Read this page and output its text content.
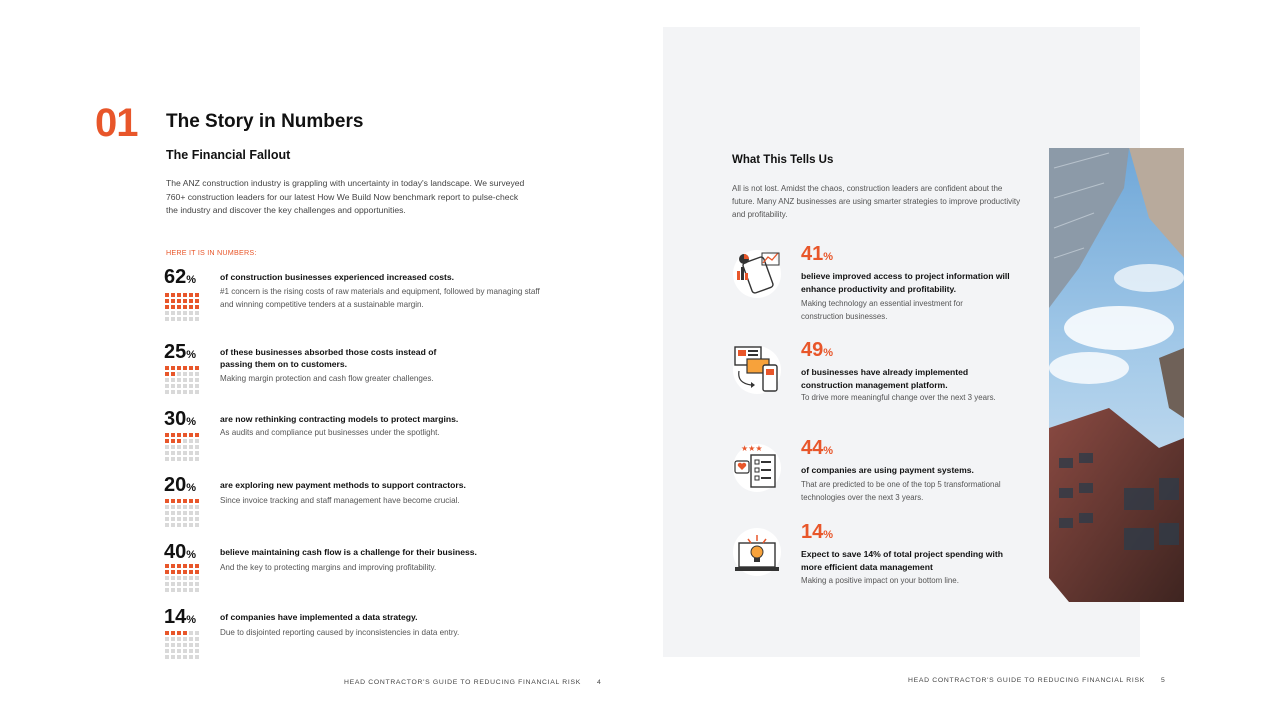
01 The Story in Numbers
The Financial Fallout

The ANZ construction industry is grappling with uncertainty in today's landscape. We surveyed 760+ construction leaders for our latest How We Build Now benchmark report to pulse-check the industry and discover the key challenges and opportunities.

HERE IT IS IN NUMBERS:
62%	of construction businesses experienced increased costs.
#1 concern is the rising costs of raw materials and equipment, followed by managing staff and winning competitive tenders at a sustainable margin.
25%	of these businesses absorbed those costs instead of passing them on to customers.
Making margin protection and cash flow greater challenges.
30%	are now rethinking contracting models to protect margins.
As audits and compliance put businesses under the spotlight.
20%	are exploring new payment methods to support contractors.
Since invoice tracking and staff management have become crucial.
40%	believe maintaining cash flow is a challenge for their business.
And the key to protecting margins and improving profitability.
14%	of companies have implemented a data strategy.
Due to disjointed reporting caused by inconsistencies in data entry.
HEAD CONTRACTOR'S GUIDE TO REDUCING FINANCIAL RISK 4
What This Tells Us

All is not lost. Amidst the chaos, construction leaders are confident about the future. Many ANZ businesses are using smarter strategies to improve productivity and profitability.

41%
believe improved access to project information will enhance productivity and profitability.
Making technology an essential investment for construction businesses.
49%
of businesses have already implemented construction management platform.
To drive more meaningful change over the next 3 years.
★★★ 44%
of companies are using payment systems.
That are predicted to be one of the top 5 transformational technologies over the next 3 years.
14%
Expect to save 14% of total project spending with more efficient data management
Making a positive impact on your bottom line.
HEAD CONTRACTOR'S GUIDE TO REDUCING FINANCIAL RISK 5
